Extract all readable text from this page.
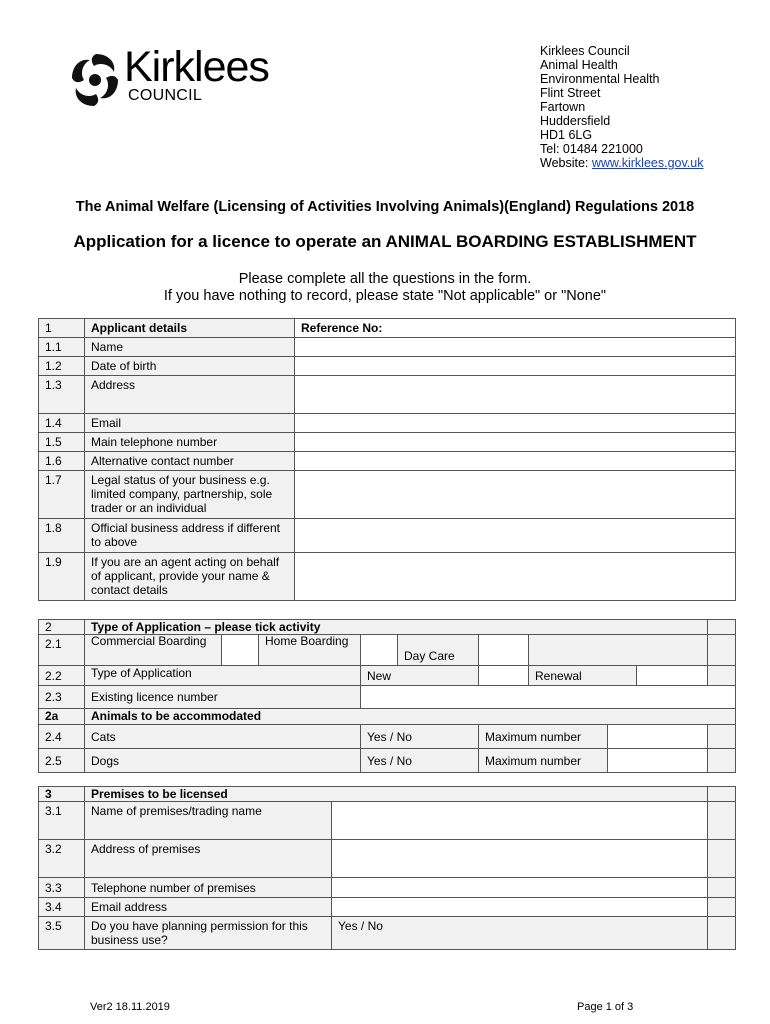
Kirklees
COUNCIL
Kirklees Council
Animal Health
Environmental Health
Flint Street
Fartown
Huddersfield
HD1 6LG
Tel: 01484 221000
Website: www.kirklees.gov.uk
The Animal Welfare (Licensing of Activities Involving Animals)(England) Regulations 2018
Application for a licence to operate an ANIMAL BOARDING ESTABLISHMENT
Please complete all the questions in the form.
If you have nothing to record, please state "Not applicable" or "None"
1	Applicant details	Reference No:
1.1	Name	
1.2	Date of birth	
1.3	Address	
1.4	Email	
1.5	Main telephone number	
1.6	Alternative contact number	
1.7	Legal status of your business e.g. limited company, partnership, sole trader or an individual	
1.8	Official business address if different to above	
1.9	If you are an agent acting on behalf of applicant, provide your name & contact details	
2	Type of Application – please tick activity									
2.1	Commercial Boarding		Home Boarding		Day Care					
2.2	Type of Application			New			Renewal			
2.3	Existing licence number									
2a	Animals to be accommodated									
2.4	Cats			Yes / No		Maximum number				
2.5	Dogs			Yes / No		Maximum number				
3	Premises to be licensed		
3.1	Name of premises/trading name		
3.2	Address of premises		
3.3	Telephone number of premises		
3.4	Email address		
3.5	Do you have planning permission for this business use?	Yes / No	
Ver2 18.11.2019	Page 1 of 3
